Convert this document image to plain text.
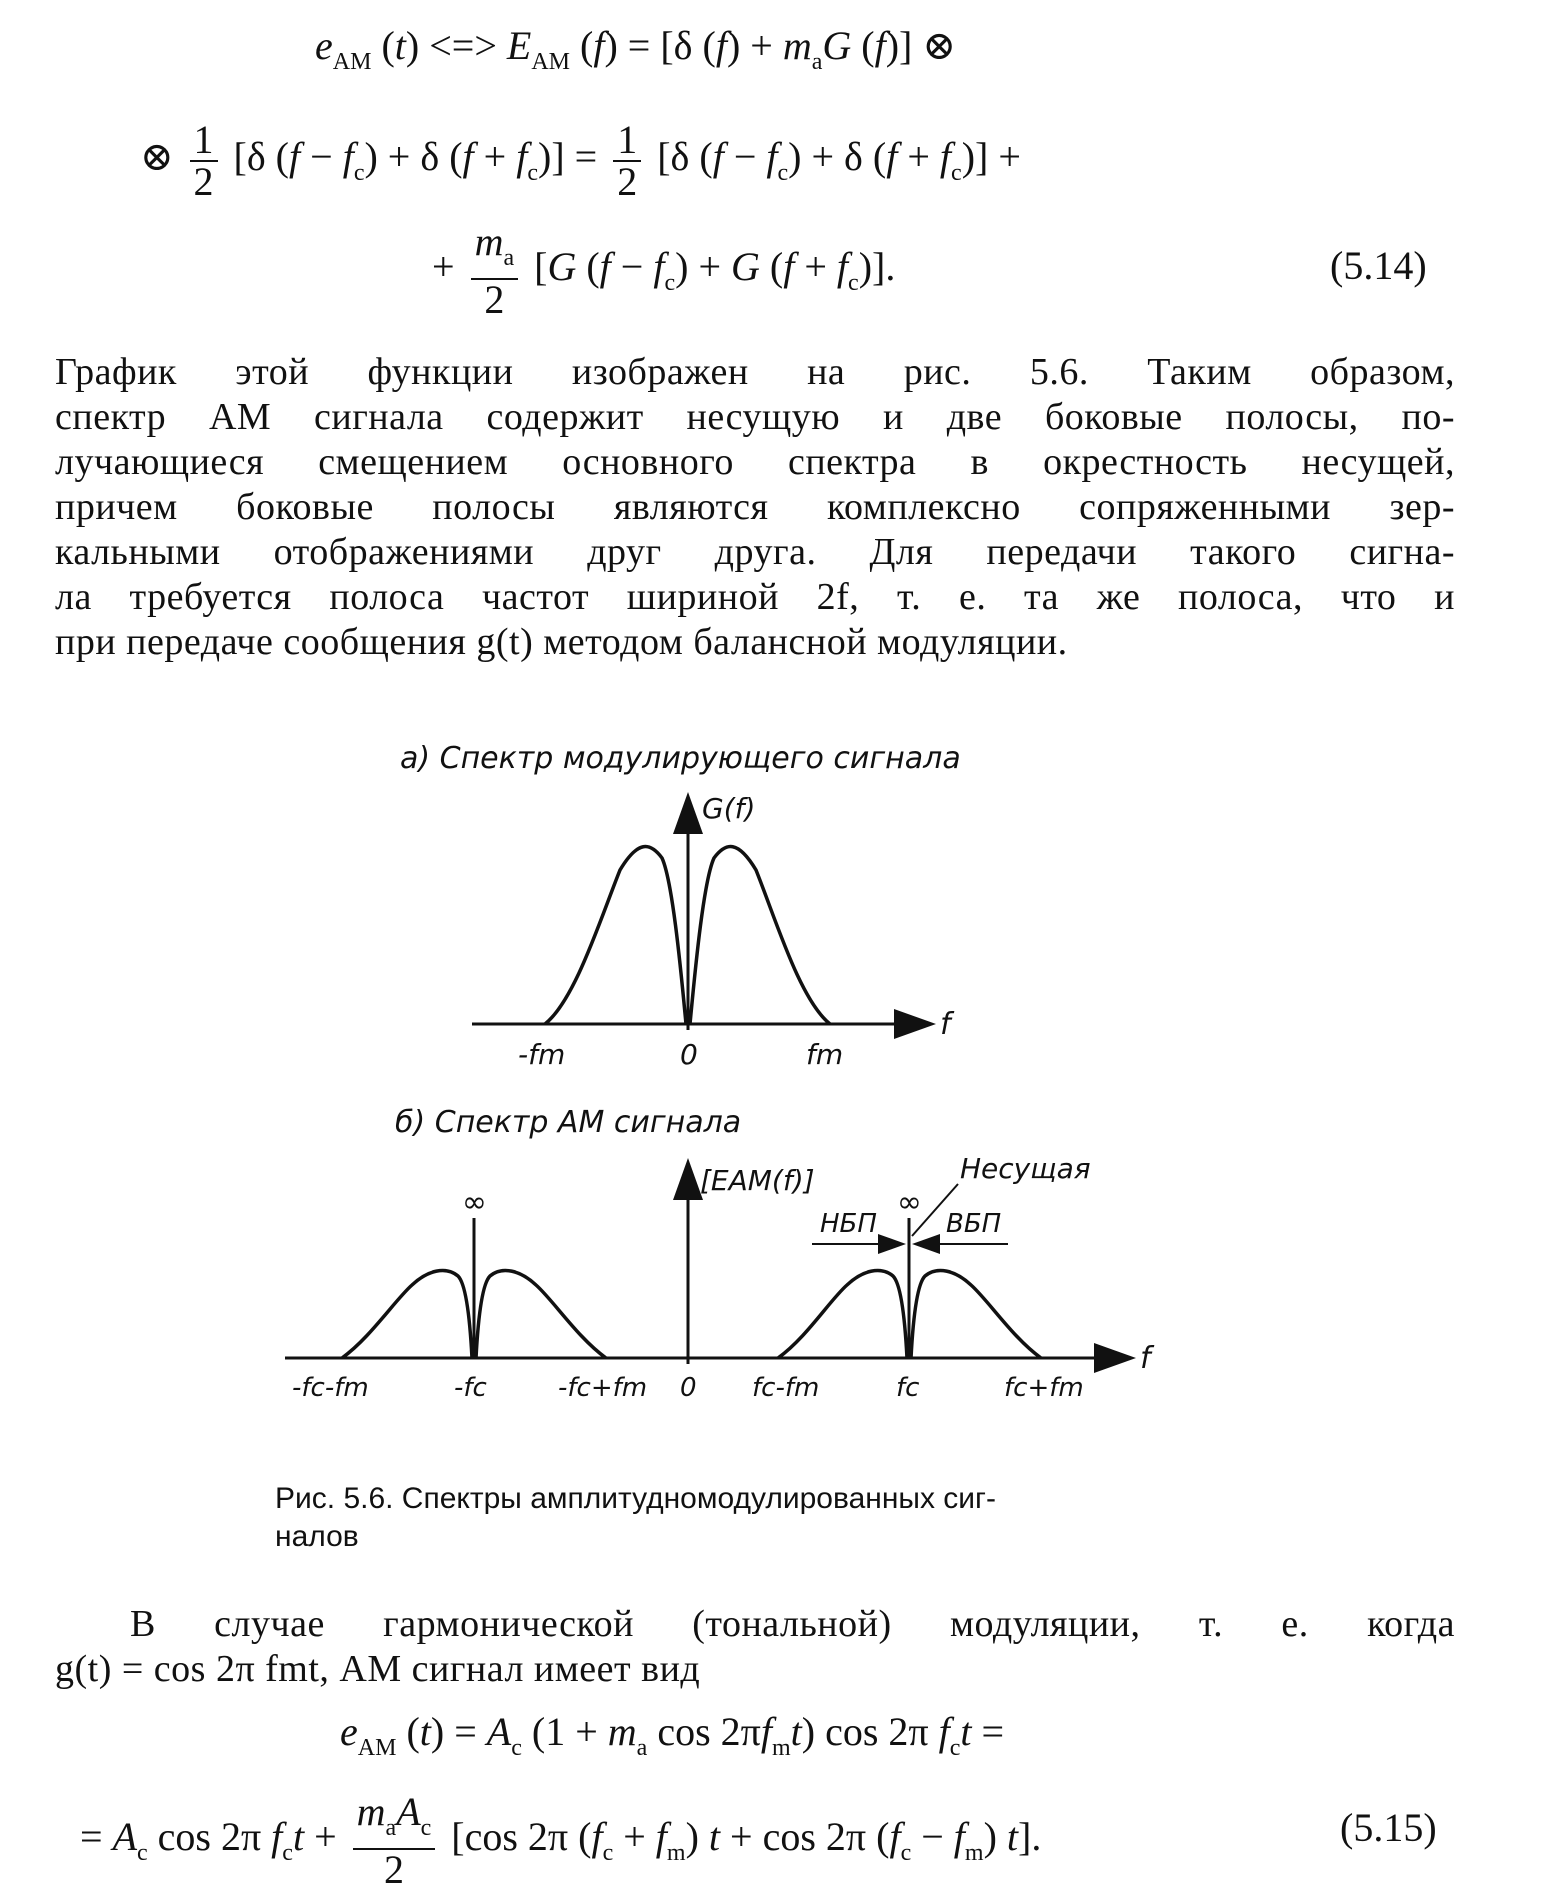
$e_{AM}$ (t) <=> $E_{AM}$ (f) = [δ $(f) + m_aG$ (f)] ⊗
⊗ $\frac{1}{2} [\delta$ $(f - f_c) + \delta$ $(f + f_c)] = \frac{1}{2} [\delta$ $(f - f_c) + \delta$ $(f + f_c)$] +
+ $\frac{m_a}{2} [G$ $(f - f_c) + G$ $(f + f_c)$].	(5.14)
График этой функции изображен на рис. 5.6. Таким образом,
спектр АМ сигнала содержит несущую и две боковые полосы, по-
лучающиеся смещением основного спектра в окрестность несущей,
причем боковые полосы являются комплексно сопряженными зер-
кальными отображениями друг друга. Для передачи такого сигна-
ла требуется полоса частот шириной 2f, т. е. та же полоса, что и
при передаче сообщения g(t) методом балансной модуляции.
а) Спектр модулирующего сигнала
G(f)
f
-fm	0	fm
б) Спектр АМ сигнала
[EAM(f)]
f
∞	∞
Несущая
НБП	ВБП
-fc-fm	-fc	-fc+fm 0 fc-fm	fc	fc+fm
Рис. 5.6. Спектры амплитудномодулированных сиг-
налов
В случае гармонической (тональной) модуляции, т. е. когда
g(t) = cos 2π fmt, АМ сигнал имеет вид
$e_{AM}$ $(t) = A_c$ ($1 + m_a$ $\cos 2\pi f_mt$) cos 2π $f_ct$ =
= $A_c$ cos 2π $f_ct + \frac{m_aA_c}{2} [\cos$ 2π $(f_c + f_m) t + \cos 2\pi$ $(f_c - f_m)$ t].	(5.15)
